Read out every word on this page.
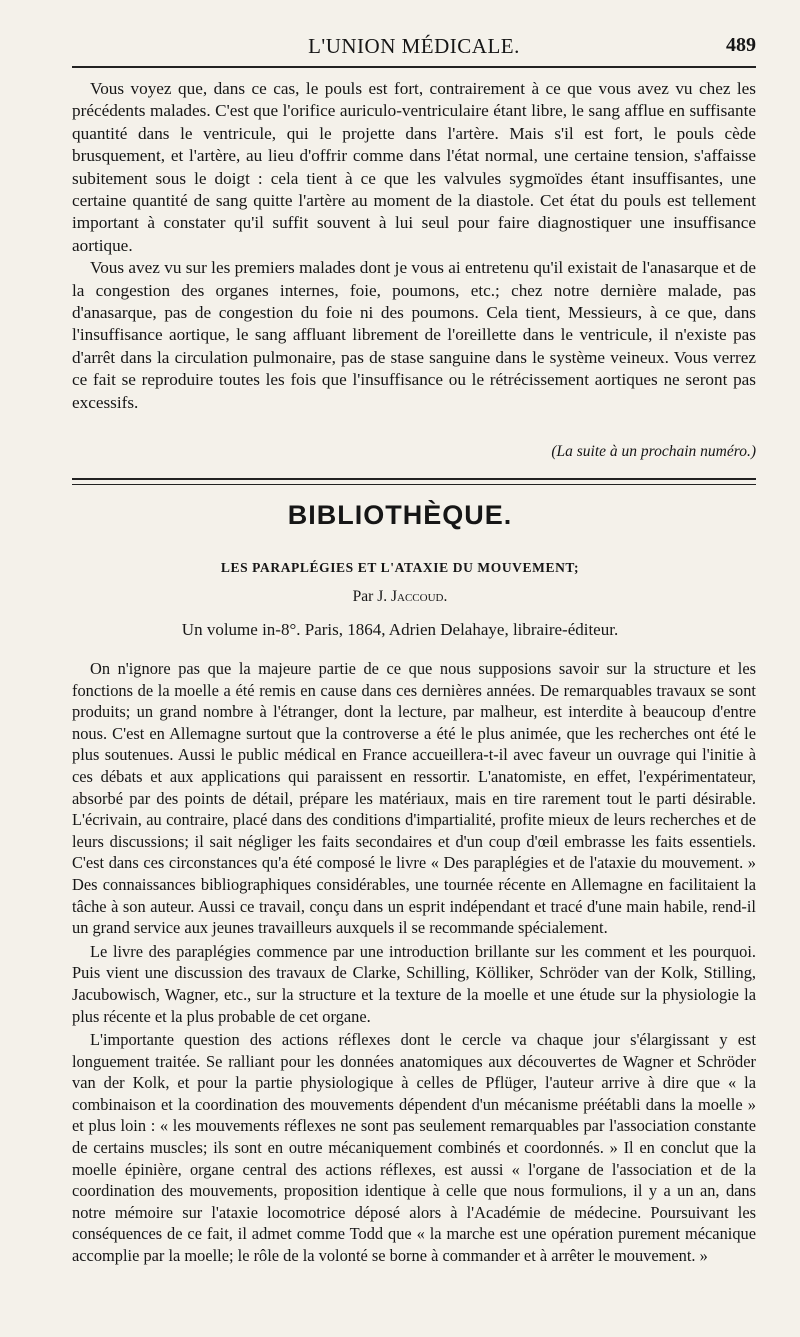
L'UNION MÉDICALE.	489

Vous voyez que, dans ce cas, le pouls est fort, contrairement à ce que vous avez vu chez les précédents malades. C'est que l'orifice auriculo-ventriculaire étant libre, le sang afflue en suffisante quantité dans le ventricule, qui le projette dans l'artère. Mais s'il est fort, le pouls cède brusquement, et l'artère, au lieu d'offrir comme dans l'état normal, une certaine tension, s'affaisse subitement sous le doigt : cela tient à ce que les valvules sygmoïdes étant insuffisantes, une certaine quantité de sang quitte l'artère au moment de la diastole. Cet état du pouls est tellement important à constater qu'il suffit souvent à lui seul pour faire diagnostiquer une insuffisance aortique.

Vous avez vu sur les premiers malades dont je vous ai entretenu qu'il existait de l'anasarque et de la congestion des organes internes, foie, poumons, etc.; chez notre dernière malade, pas d'anasarque, pas de congestion du foie ni des poumons. Cela tient, Messieurs, à ce que, dans l'insuffisance aortique, le sang affluant librement de l'oreillette dans le ventricule, il n'existe pas d'arrêt dans la circulation pulmonaire, pas de stase sanguine dans le système veineux. Vous verrez ce fait se reproduire toutes les fois que l'insuffisance ou le rétrécissement aortiques ne seront pas excessifs.

(La suite à un prochain numéro.)
BIBLIOTHÈQUE.
LES PARAPLÉGIES ET L'ATAXIE DU MOUVEMENT;
Par J. Jaccoud.
Un volume in-8°. Paris, 1864, Adrien Delahaye, libraire-éditeur.

On n'ignore pas que la majeure partie de ce que nous supposions savoir sur la structure et les fonctions de la moelle a été remis en cause dans ces dernières années. De remarquables travaux se sont produits; un grand nombre à l'étranger, dont la lecture, par malheur, est interdite à beaucoup d'entre nous. C'est en Allemagne surtout que la controverse a été le plus animée, que les recherches ont été le plus soutenues. Aussi le public médical en France accueillera-t-il avec faveur un ouvrage qui l'initie à ces débats et aux applications qui paraissent en ressortir. L'anatomiste, en effet, l'expérimentateur, absorbé par des points de détail, prépare les matériaux, mais en tire rarement tout le parti désirable. L'écrivain, au contraire, placé dans des conditions d'impartialité, profite mieux de leurs recherches et de leurs discussions; il sait négliger les faits secondaires et d'un coup d'œil embrasse les faits essentiels. C'est dans ces circonstances qu'a été composé le livre « Des paraplégies et de l'ataxie du mouvement. » Des connaissances bibliographiques considérables, une tournée récente en Allemagne en facilitaient la tâche à son auteur. Aussi ce travail, conçu dans un esprit indépendant et tracé d'une main habile, rend-il un grand service aux jeunes travailleurs auxquels il se recommande spécialement.

Le livre des paraplégies commence par une introduction brillante sur les comment et les pourquoi. Puis vient une discussion des travaux de Clarke, Schilling, Kölliker, Schröder van der Kolk, Stilling, Jacubowisch, Wagner, etc., sur la structure et la texture de la moelle et une étude sur la physiologie la plus récente et la plus probable de cet organe.

L'importante question des actions réflexes dont le cercle va chaque jour s'élargissant y est longuement traitée. Se ralliant pour les données anatomiques aux découvertes de Wagner et Schröder van der Kolk, et pour la partie physiologique à celles de Pflüger, l'auteur arrive à dire que « la combinaison et la coordination des mouvements dépendent d'un mécanisme préétabli dans la moelle » et plus loin : « les mouvements réflexes ne sont pas seulement remarquables par l'association constante de certains muscles; ils sont en outre mécaniquement combinés et coordonnés. » Il en conclut que la moelle épinière, organe central des actions réflexes, est aussi « l'organe de l'association et de la coordination des mouvements, proposition identique à celle que nous formulions, il y a un an, dans notre mémoire sur l'ataxie locomotrice déposé alors à l'Académie de médecine. Poursuivant les conséquences de ce fait, il admet comme Todd que « la marche est une opération purement mécanique accomplie par la moelle; le rôle de la volonté se borne à commander et à arrêter le mouvement. »
